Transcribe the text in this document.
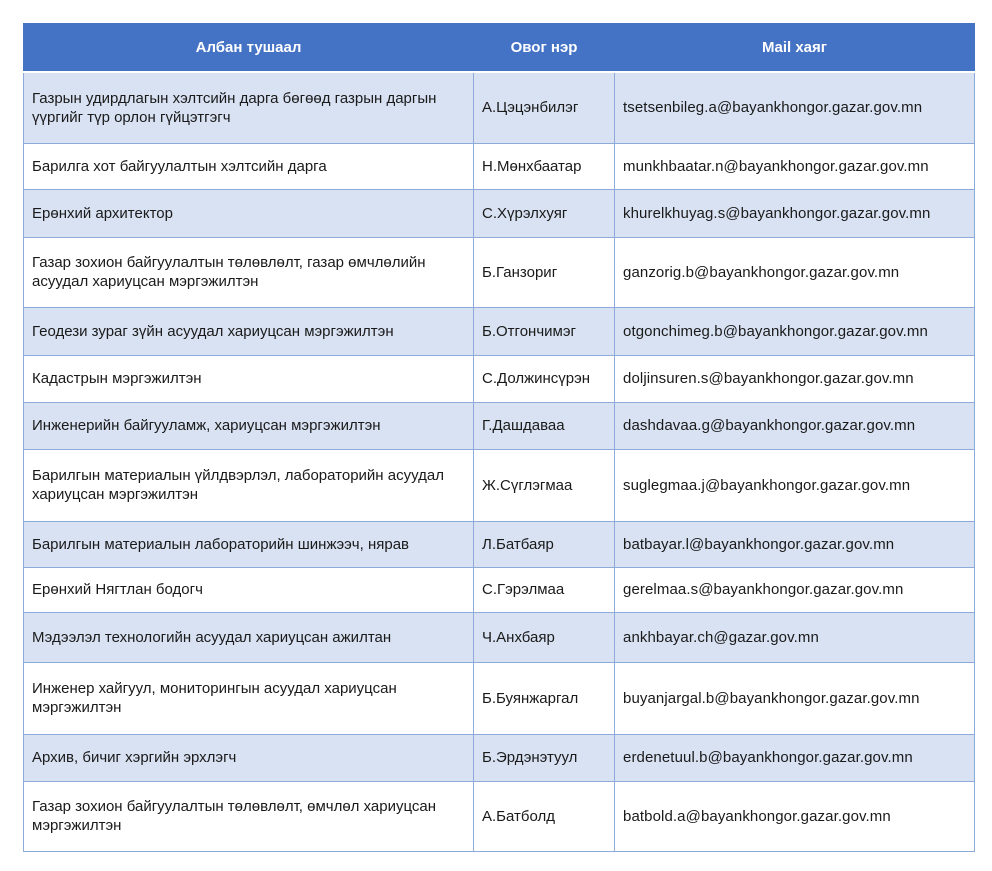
Албан тушаал	Овог нэр	Mail хаяг
Газрын удирдлагын хэлтсийн дарга бөгөөд газрын даргын үүргийг түр орлон гүйцэтгэгч	А.Цэцэнбилэг	tsetsenbileg.a@bayankhongor.gazar.gov.mn
Барилга хот байгуулалтын хэлтсийн дарга	Н.Мөнхбаатар	munkhbaatar.n@bayankhongor.gazar.gov.mn
Ерөнхий архитектор	С.Хүрэлхуяг	khurelkhuyag.s@bayankhongor.gazar.gov.mn
Газар зохион байгуулалтын төлөвлөлт, газар өмчлөлийн асуудал хариуцсан мэргэжилтэн	Б.Ганзориг	ganzorig.b@bayankhongor.gazar.gov.mn
Геодези зураг зүйн асуудал хариуцсан мэргэжилтэн	Б.Отгончимэг	otgonchimeg.b@bayankhongor.gazar.gov.mn
Кадастрын мэргэжилтэн	С.Должинсүрэн	doljinsuren.s@bayankhongor.gazar.gov.mn
Инженерийн байгууламж, хариуцсан мэргэжилтэн	Г.Дашдаваа	dashdavaa.g@bayankhongor.gazar.gov.mn
Барилгын материалын үйлдвэрлэл, лабораторийн асуудал хариуцсан мэргэжилтэн	Ж.Сүглэгмаа	suglegmaa.j@bayankhongor.gazar.gov.mn
Барилгын материалын лабораторийн шинжээч, нярав	Л.Батбаяр	batbayar.l@bayankhongor.gazar.gov.mn
Ерөнхий Нягтлан бодогч	С.Гэрэлмаа	gerelmaa.s@bayankhongor.gazar.gov.mn
Мэдээлэл технологийн асуудал хариуцсан ажилтан	Ч.Анхбаяр	ankhbayar.ch@gazar.gov.mn
Инженер хайгуул, мониторингын асуудал хариуцсан мэргэжилтэн	Б.Буянжаргал	buyanjargal.b@bayankhongor.gazar.gov.mn
Архив, бичиг хэргийн эрхлэгч	Б.Эрдэнэтуул	erdenetuul.b@bayankhongor.gazar.gov.mn
Газар зохион байгуулалтын төлөвлөлт, өмчлөл хариуцсан мэргэжилтэн	А.Батболд	batbold.a@bayankhongor.gazar.gov.mn
